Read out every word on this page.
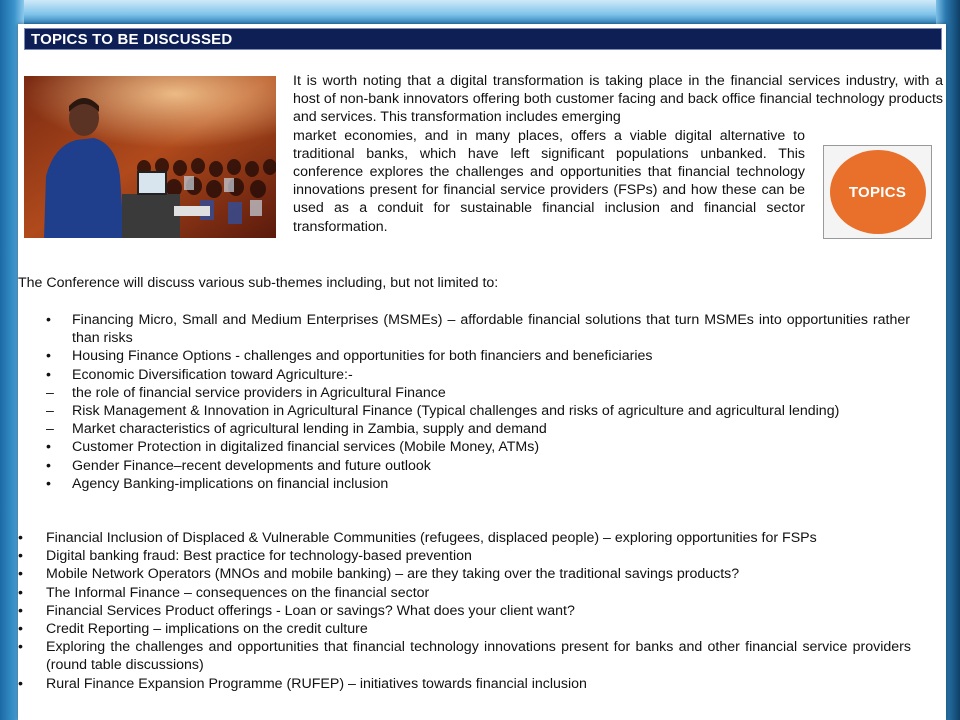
TOPICS TO BE DISCUSSED

It is worth noting that a digital transformation is taking place in the financial services industry, with a host of non-bank innovators offering both customer facing and back office financial technology products and services. This transformation includes emerging

market economies, and in many places, offers a viable digital alternative to traditional banks, which have left significant populations unbanked. This conference explores the challenges and opportunities that financial technology innovations present for financial service providers (FSPs) and how these can be used as a conduit for sustainable financial inclusion and financial sector transformation.

TOPICS
The Conference will discuss various sub-themes including, but not limited to:
• Financing Micro, Small and Medium Enterprises (MSMEs) – affordable financial solutions that turn MSMEs into opportunities rather than risks
• Housing Finance Options - challenges and opportunities for both financiers and beneficiaries
• Economic Diversification toward Agriculture:-
– the role of financial service providers in Agricultural Finance
– Risk Management & Innovation in Agricultural Finance (Typical challenges and risks of agriculture and agricultural lending)
– Market characteristics of agricultural lending in Zambia, supply and demand
• Customer Protection in digitalized financial services (Mobile Money, ATMs)
• Gender Finance–recent developments and future outlook
• Agency Banking-implications on financial inclusion
• Financial Inclusion of Displaced & Vulnerable Communities (refugees, displaced people) – exploring opportunities for FSPs
• Digital banking fraud: Best practice for technology-based prevention
• Mobile Network Operators (MNOs and mobile banking) – are they taking over the traditional savings products?
• The Informal Finance – consequences on the financial sector
• Financial Services Product offerings - Loan or savings? What does your client want?
• Credit Reporting – implications on the credit culture
• Exploring the challenges and opportunities that financial technology innovations present for banks and other financial service providers (round table discussions)
• Rural Finance Expansion Programme (RUFEP) – initiatives towards financial inclusion
